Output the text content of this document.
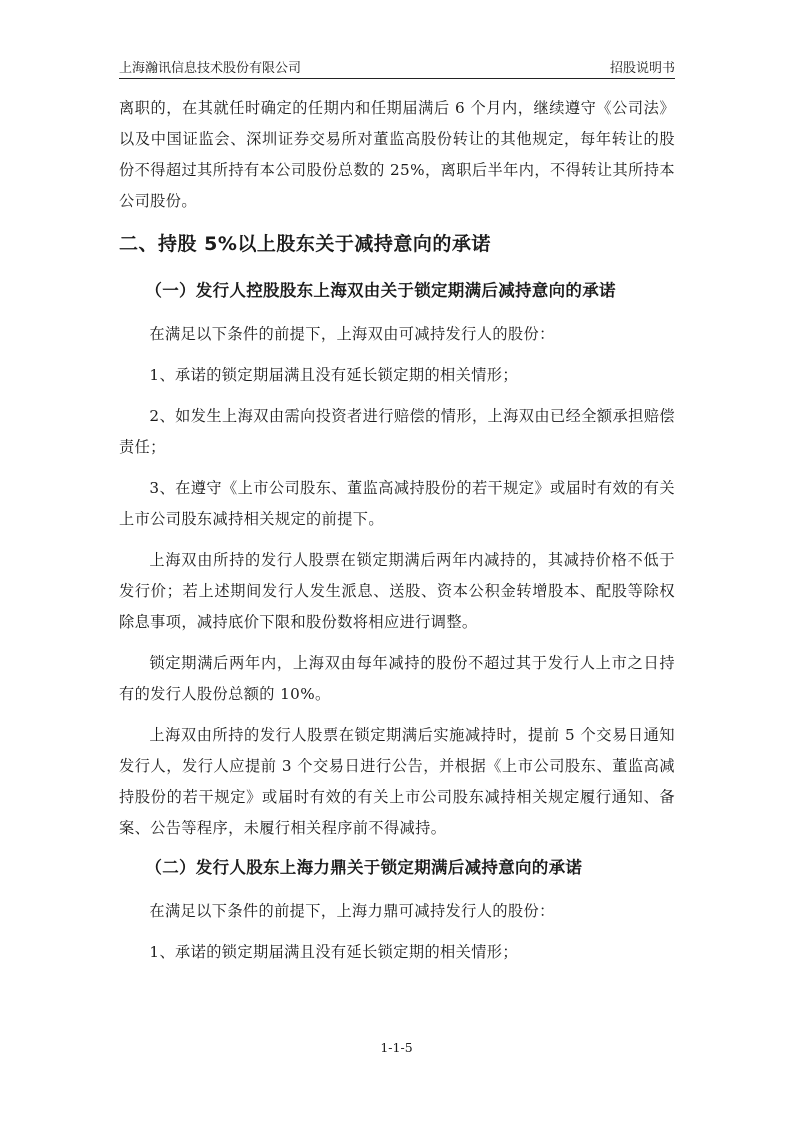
上海瀚讯信息技术股份有限公司	招股说明书

离职的，在其就任时确定的任期内和任期届满后 6 个月内，继续遵守《公司法》以及中国证监会、深圳证券交易所对董监高股份转让的其他规定，每年转让的股份不得超过其所持有本公司股份总数的 25%，离职后半年内，不得转让其所持本公司股份。

二、持股 5%以上股东关于减持意向的承诺
（一）发行人控股股东上海双由关于锁定期满后减持意向的承诺

在满足以下条件的前提下，上海双由可减持发行人的股份：

1、承诺的锁定期届满且没有延长锁定期的相关情形；

2、如发生上海双由需向投资者进行赔偿的情形，上海双由已经全额承担赔偿责任；

3、在遵守《上市公司股东、董监高减持股份的若干规定》或届时有效的有关上市公司股东减持相关规定的前提下。

上海双由所持的发行人股票在锁定期满后两年内减持的，其减持价格不低于发行价；若上述期间发行人发生派息、送股、资本公积金转增股本、配股等除权除息事项，减持底价下限和股份数将相应进行调整。

锁定期满后两年内，上海双由每年减持的股份不超过其于发行人上市之日持有的发行人股份总额的 10%。

上海双由所持的发行人股票在锁定期满后实施减持时，提前 5 个交易日通知发行人，发行人应提前 3 个交易日进行公告，并根据《上市公司股东、董监高减持股份的若干规定》或届时有效的有关上市公司股东减持相关规定履行通知、备案、公告等程序，未履行相关程序前不得减持。

（二）发行人股东上海力鼎关于锁定期满后减持意向的承诺

在满足以下条件的前提下，上海力鼎可减持发行人的股份：

1、承诺的锁定期届满且没有延长锁定期的相关情形；

1-1-5
